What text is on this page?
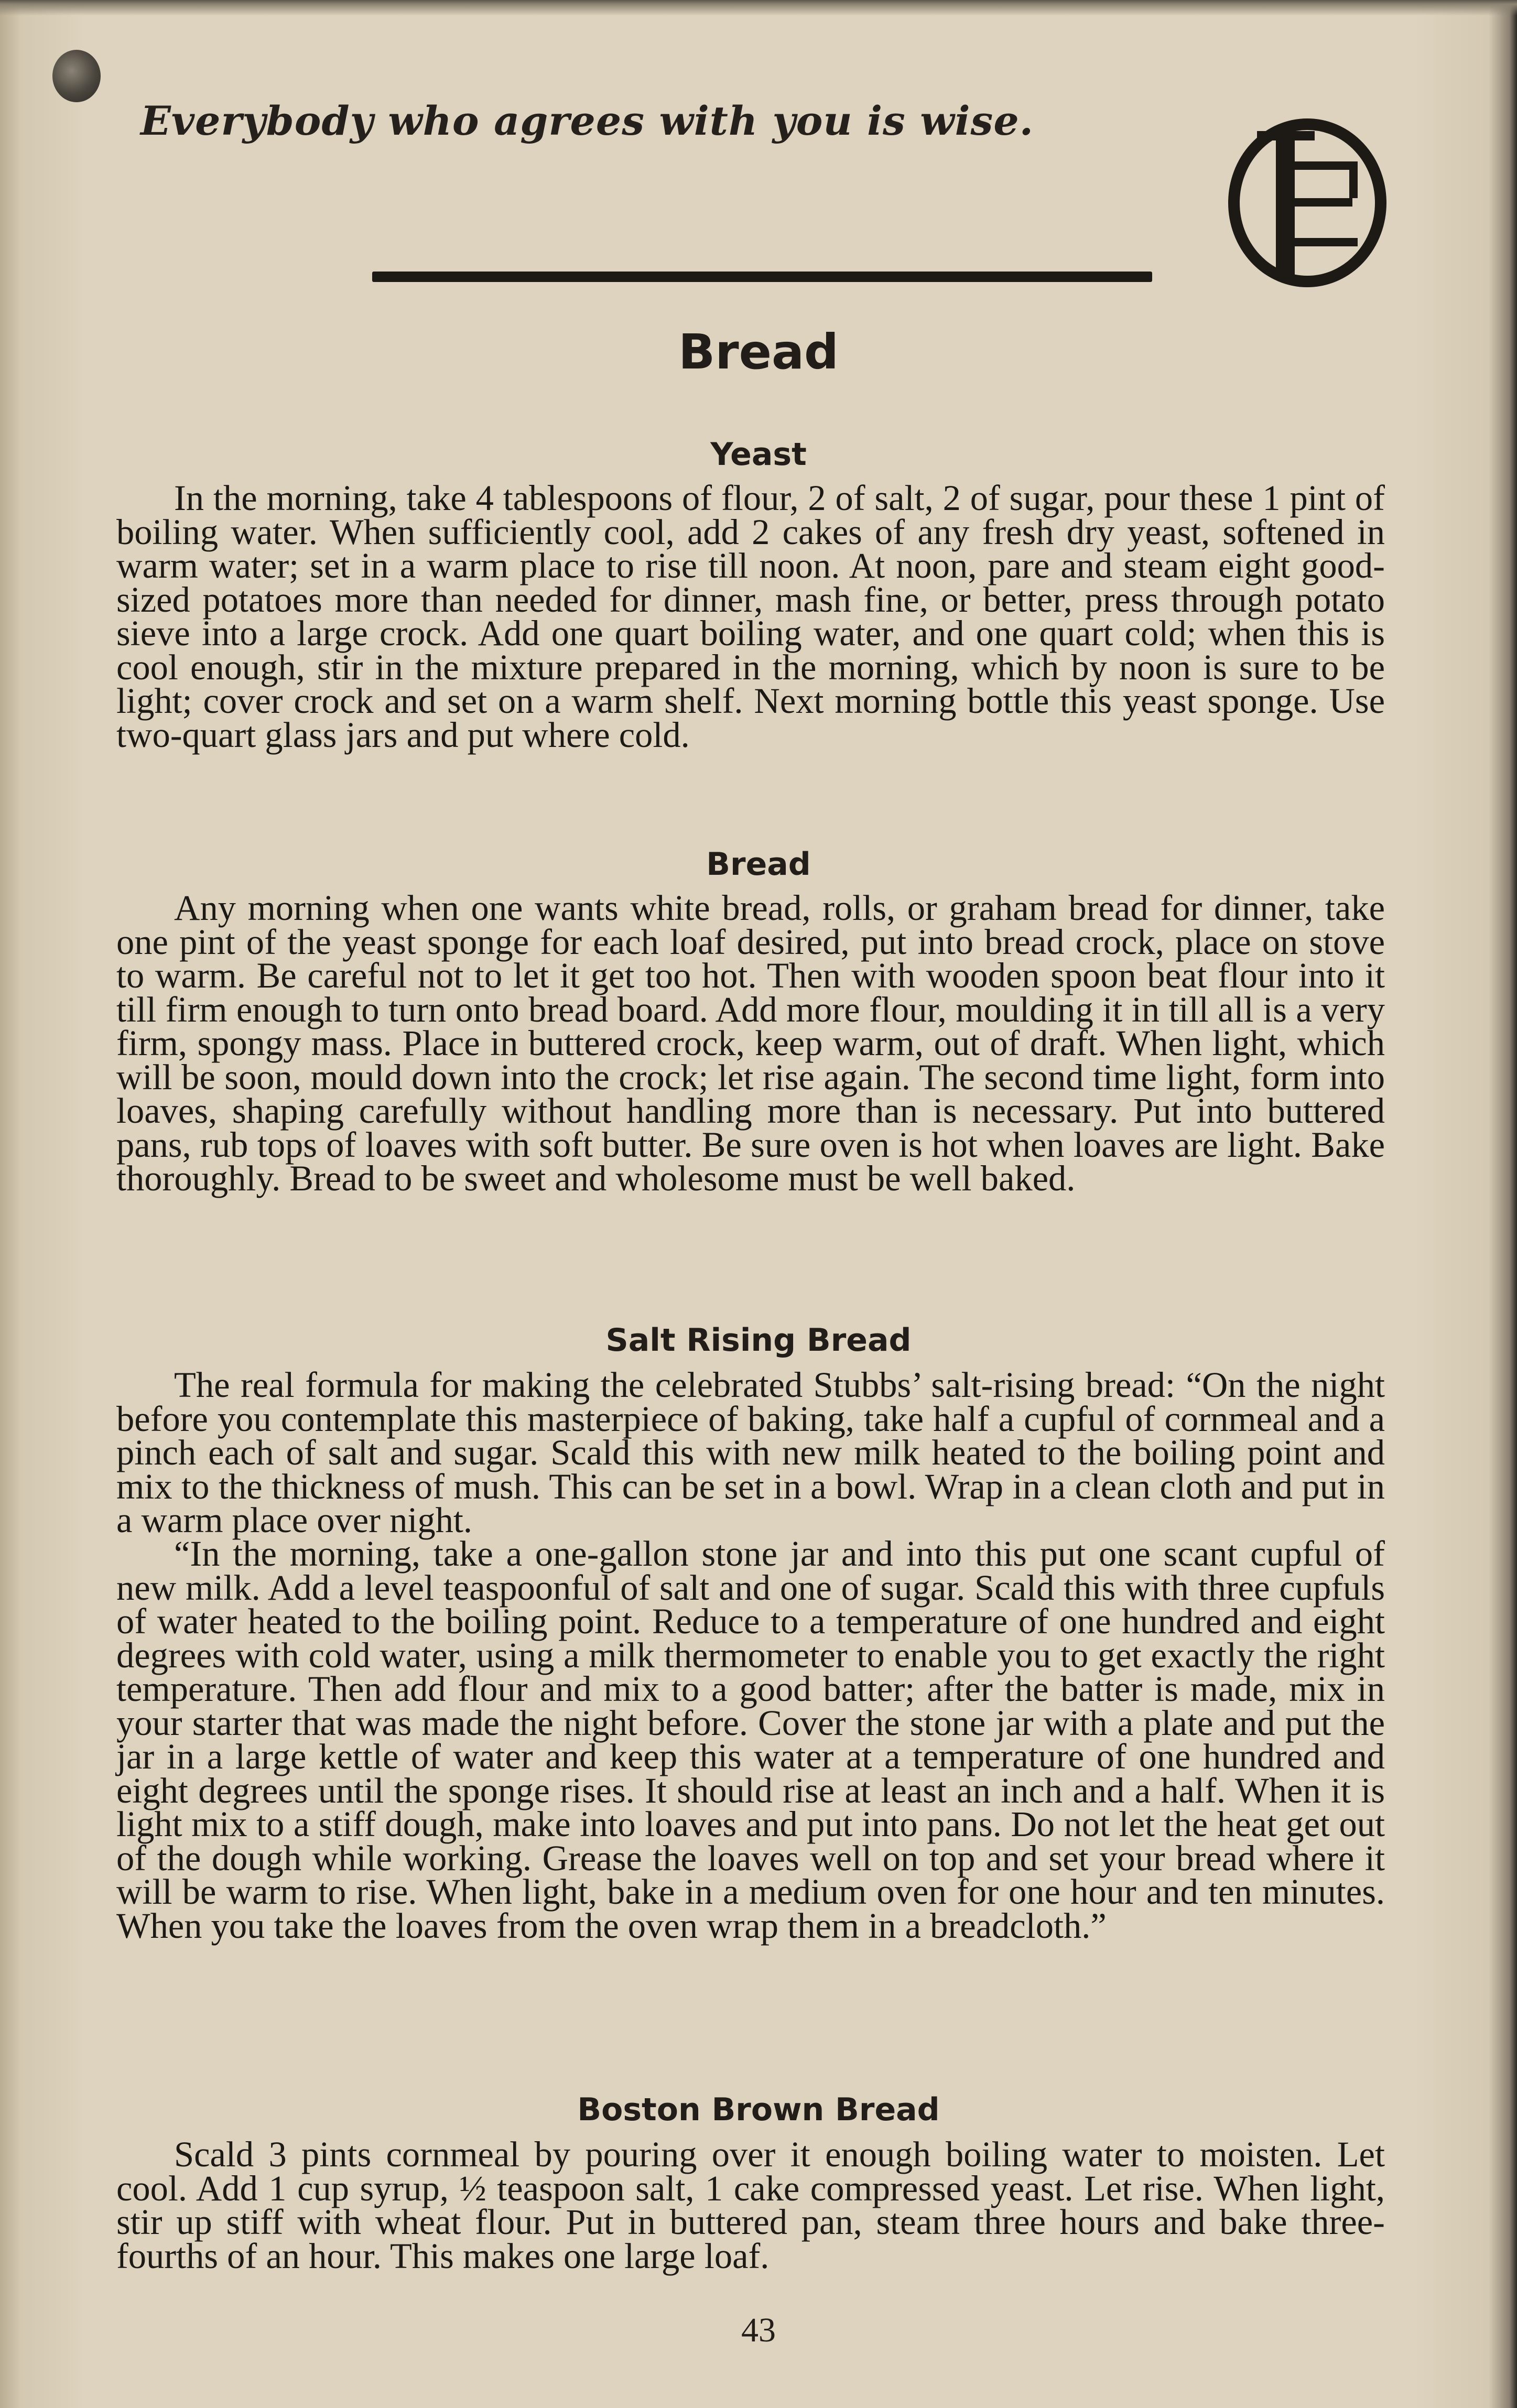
Everybody who agrees with you is wise.
Bread
Yeast

In the morning, take 4 tablespoons of flour, 2 of salt, 2 of sugar, pour these 1 pint of boiling water. When sufficiently cool, add 2 cakes of any fresh dry yeast, softened in warm water; set in a warm place to rise till noon. At noon, pare and steam eight good-sized potatoes more than needed for dinner, mash fine, or better, press through potato sieve into a large crock. Add one quart boiling water, and one quart cold; when this is cool enough, stir in the mixture prepared in the morning, which by noon is sure to be light; cover crock and set on a warm shelf. Next morning bottle this yeast sponge. Use two-quart glass jars and put where cold.

Bread

Any morning when one wants white bread, rolls, or graham bread for dinner, take one pint of the yeast sponge for each loaf desired, put into bread crock, place on stove to warm. Be careful not to let it get too hot. Then with wooden spoon beat flour into it till firm enough to turn onto bread board. Add more flour, moulding it in till all is a very firm, spongy mass. Place in buttered crock, keep warm, out of draft. When light, which will be soon, mould down into the crock; let rise again. The second time light, form into loaves, shaping carefully without handling more than is necessary. Put into buttered pans, rub tops of loaves with soft butter. Be sure oven is hot when loaves are light. Bake thoroughly. Bread to be sweet and wholesome must be well baked.

Salt Rising Bread

The real formula for making the celebrated Stubbs’ salt-rising bread: “On the night before you contemplate this masterpiece of baking, take half a cupful of cornmeal and a pinch each of salt and sugar. Scald this with new milk heated to the boiling point and mix to the thickness of mush. This can be set in a bowl. Wrap in a clean cloth and put in a warm place over night.

“In the morning, take a one-gallon stone jar and into this put one scant cupful of new milk. Add a level teaspoonful of salt and one of sugar. Scald this with three cupfuls of water heated to the boiling point. Reduce to a temperature of one hundred and eight degrees with cold water, using a milk thermometer to enable you to get exactly the right temperature. Then add flour and mix to a good batter; after the batter is made, mix in your starter that was made the night before. Cover the stone jar with a plate and put the jar in a large kettle of water and keep this water at a temperature of one hundred and eight degrees until the sponge rises. It should rise at least an inch and a half. When it is light mix to a stiff dough, make into loaves and put into pans. Do not let the heat get out of the dough while working. Grease the loaves well on top and set your bread where it will be warm to rise. When light, bake in a medium oven for one hour and ten minutes. When you take the loaves from the oven wrap them in a breadcloth.”

Boston Brown Bread

Scald 3 pints cornmeal by pouring over it enough boiling water to moisten. Let cool. Add 1 cup syrup, ½ teaspoon salt, 1 cake compressed yeast. Let rise. When light, stir up stiff with wheat flour. Put in buttered pan, steam three hours and bake three-fourths of an hour. This makes one large loaf.

43
